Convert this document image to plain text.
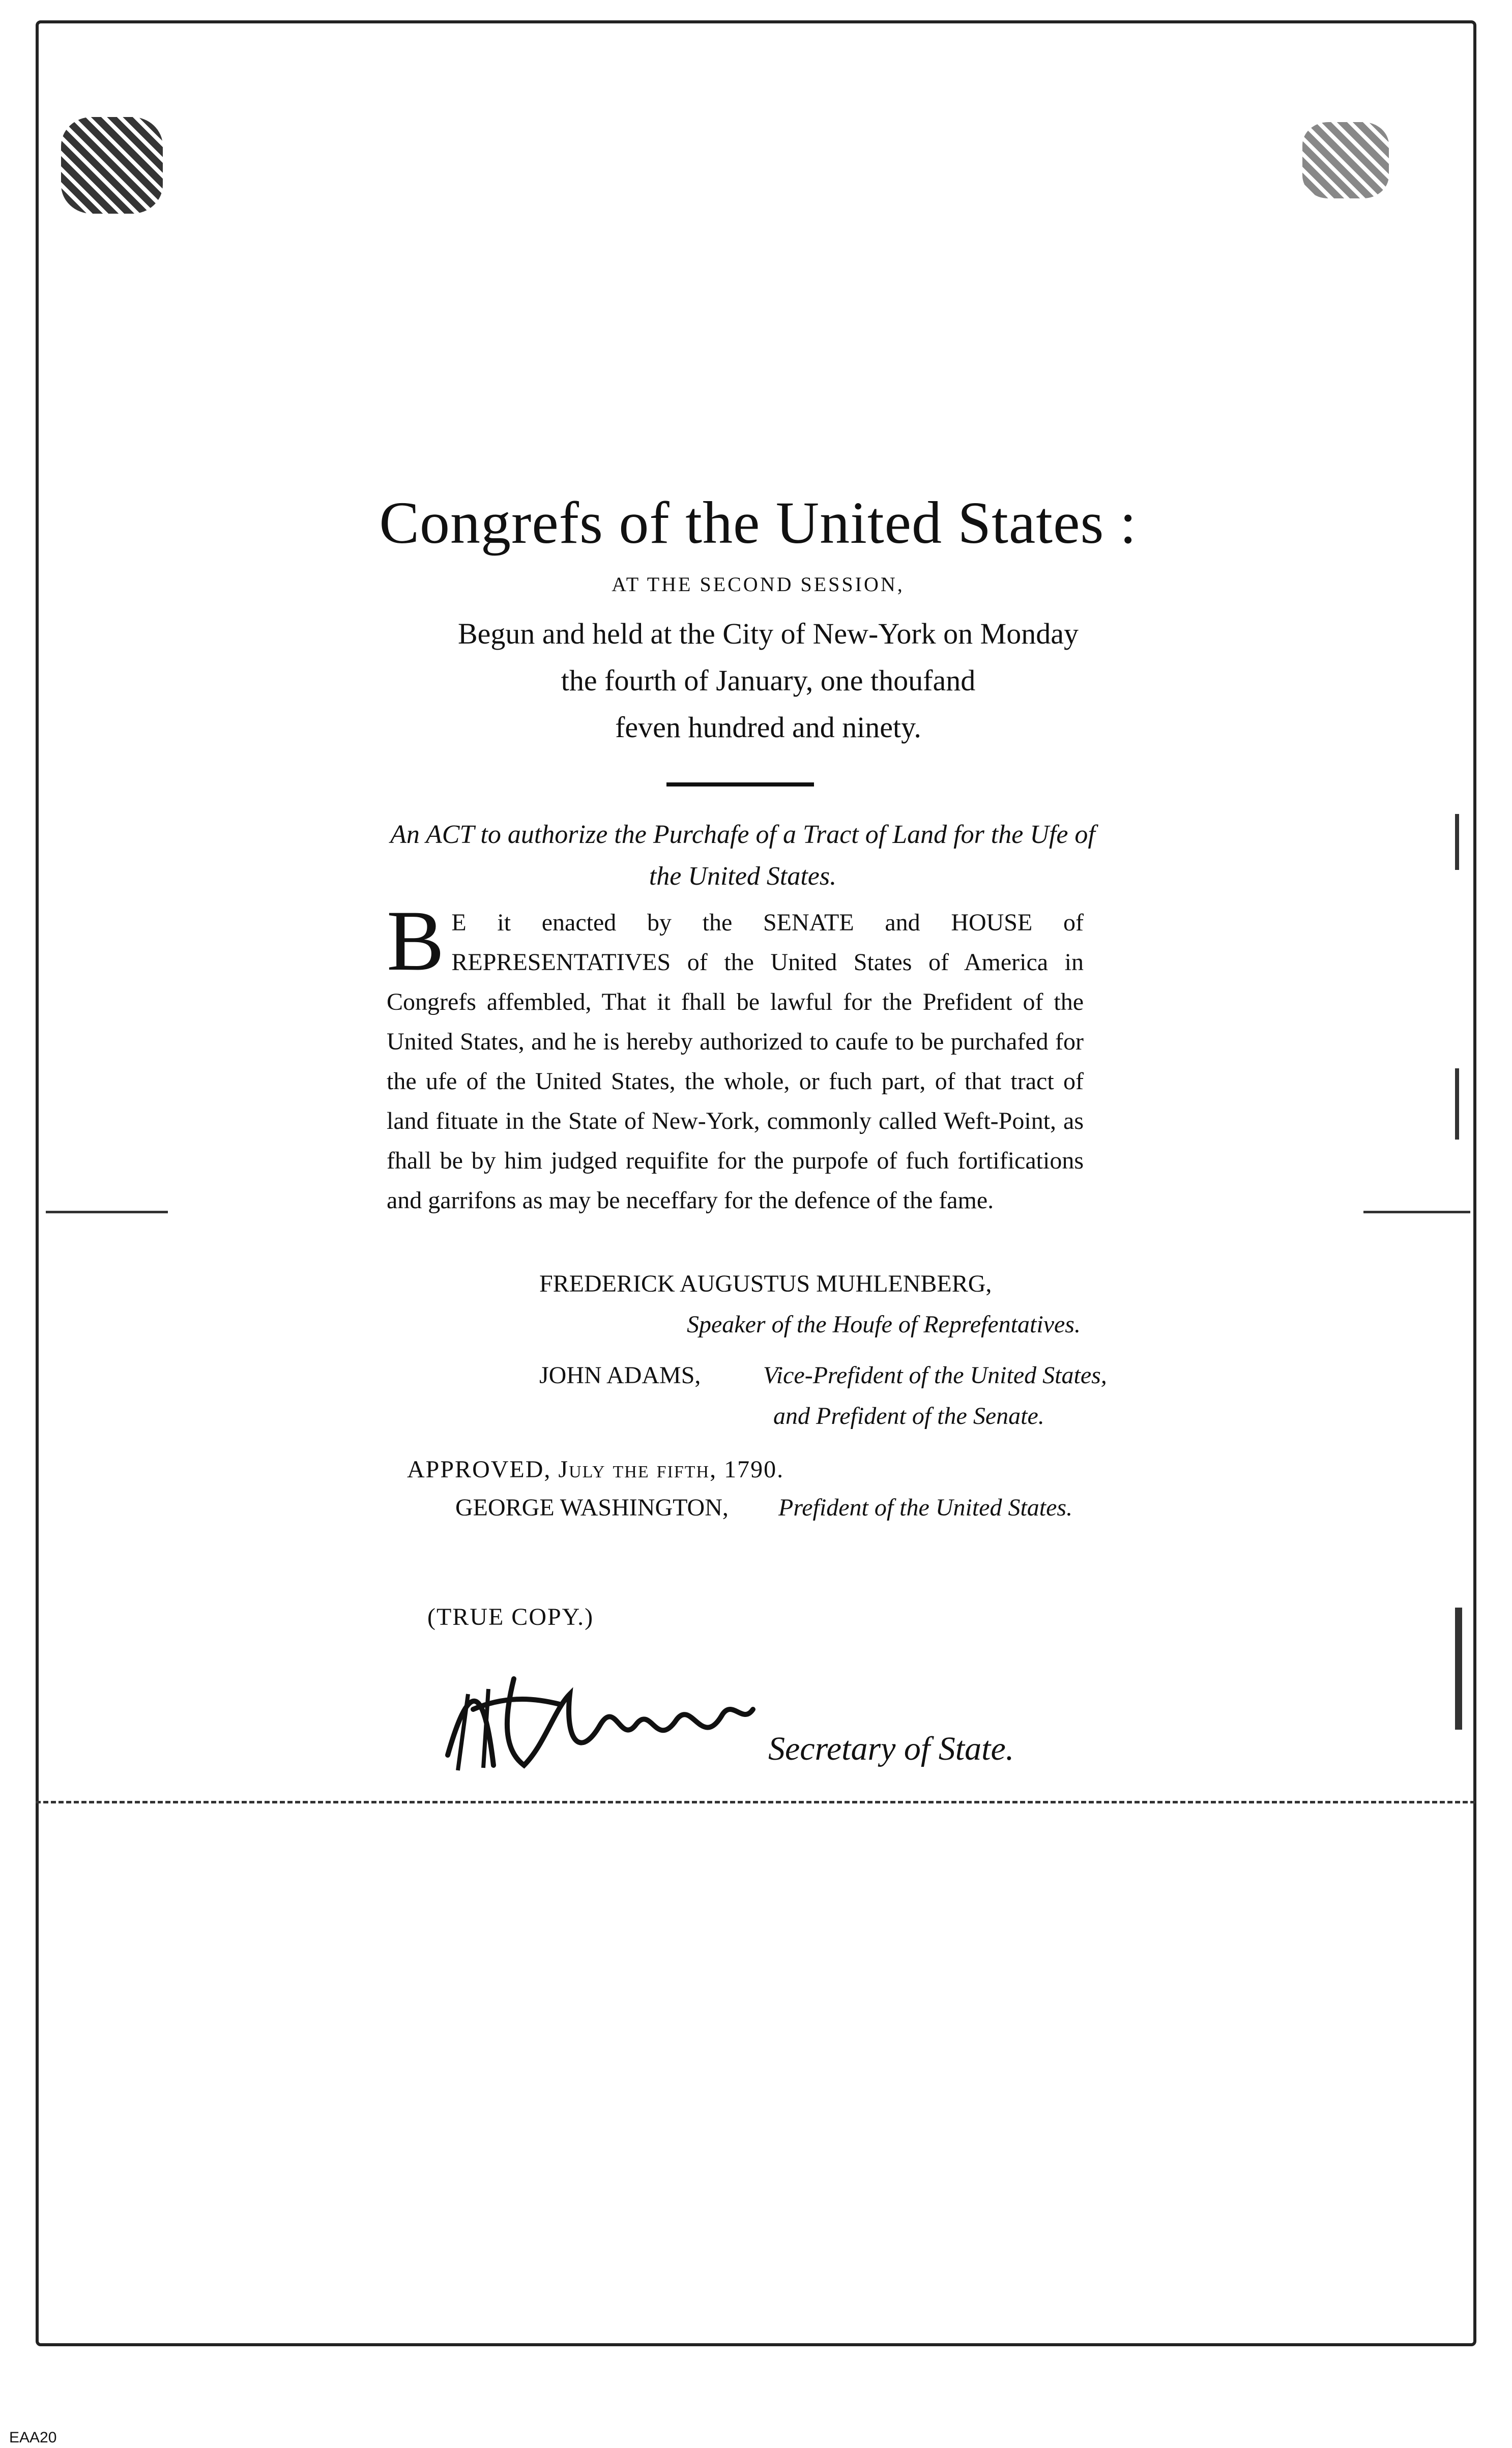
Congrefs of the United States :
AT THE SECOND SESSION,
Begun and held at the City of New-York on Monday
the fourth of January, one thoufand
feven hundred and ninety.
An ACT to authorize the Purchafe of a Tract of Land for the Ufe of
the United States.
B E it enacted by the SENATE and HOUSE of REPRESENTATIVES of the United States of America in Congrefs affembled, That it fhall be lawful for the Prefident of the United States, and he is hereby authorized to caufe to be purchafed for the ufe of the United States, the whole, or fuch part, of that tract of land fituate in the State of New-York, commonly called Weft-Point, as fhall be by him judged requifite for the purpofe of fuch fortifications and garrifons as may be neceffary for the defence of the fame.
FREDERICK AUGUSTUS MUHLENBERG,
Speaker of the Houfe of Reprefentatives.
JOHN ADAMS,	Vice-Prefident of the United States,
and Prefident of the Senate.
APPROVED, July the fifth, 1790.
GEORGE WASHINGTON, Prefident of the United States.
(TRUE COPY.)
Secretary of State.
EAA20
